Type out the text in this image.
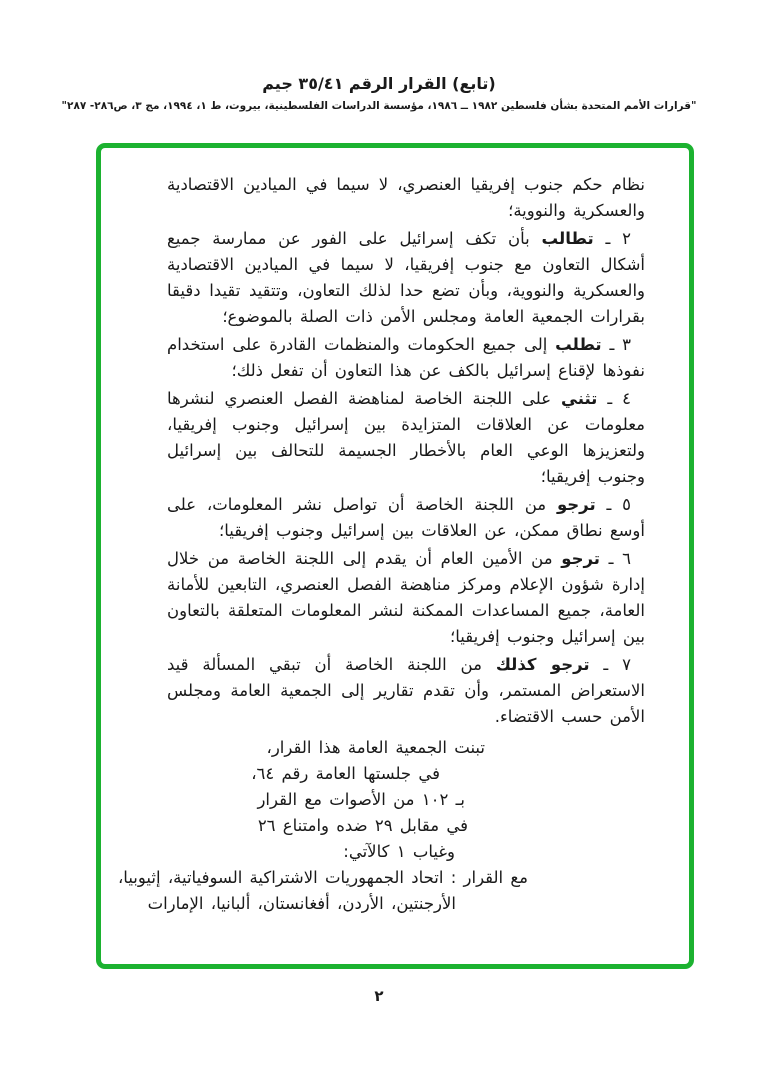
(تابع) القرار الرقم ٣٥/٤١ جيم
"قرارات الأمم المتحدة بشأن فلسطين ١٩٨٢ ــ ١٩٨٦، مؤسسة الدراسات الفلسطينية، بيروت، ط ١، ١٩٩٤، مج ٣، ص٢٨٦- ٢٨٧"

نظام حكم جنوب إفريقيا العنصري، لا سيما في الميادين الاقتصادية والعسكرية والنووية؛

٢ ـ تطالب بأن تكف إسرائيل على الفور عن ممارسة جميع أشكال التعاون مع جنوب إفريقيا، لا سيما في الميادين الاقتصادية والعسكرية والنووية، وبأن تضع حدا لذلك التعاون، وتتقيد تقيدا دقيقا بقرارات الجمعية العامة ومجلس الأمن ذات الصلة بالموضوع؛

٣ ـ تطلب إلى جميع الحكومات والمنظمات القادرة على استخدام نفوذها لإقناع إسرائيل بالكف عن هذا التعاون أن تفعل ذلك؛

٤ ـ تثني على اللجنة الخاصة لمناهضة الفصل العنصري لنشرها معلومات عن العلاقات المتزايدة بين إسرائيل وجنوب إفريقيا، ولتعزيزها الوعي العام بالأخطار الجسيمة للتحالف بين إسرائيل وجنوب إفريقيا؛

٥ ـ ترجو من اللجنة الخاصة أن تواصل نشر المعلومات، على أوسع نطاق ممكن، عن العلاقات بين إسرائيل وجنوب إفريقيا؛

٦ ـ ترجو من الأمين العام أن يقدم إلى اللجنة الخاصة من خلال إدارة شؤون الإعلام ومركز مناهضة الفصل العنصري، التابعين للأمانة العامة، جميع المساعدات الممكنة لنشر المعلومات المتعلقة بالتعاون بين إسرائيل وجنوب إفريقيا؛

٧ ـ ترجو كذلك من اللجنة الخاصة أن تبقي المسألة قيد الاستعراض المستمر، وأن تقدم تقارير إلى الجمعية العامة ومجلس الأمن حسب الاقتضاء.

تبنت الجمعية العامة هذا القرار،
في جلستها العامة رقم ٦٤،
بـ ١٠٢ من الأصوات مع القرار
في مقابل ٢٩ ضده وامتناع ٢٦
وغياب ١ كالآتي:
مع القرار : اتحاد الجمهوريات الاشتراكية السوفياتية، إثيوبيا،
الأرجنتين، الأردن، أفغانستان، ألبانيا، الإمارات
٢
